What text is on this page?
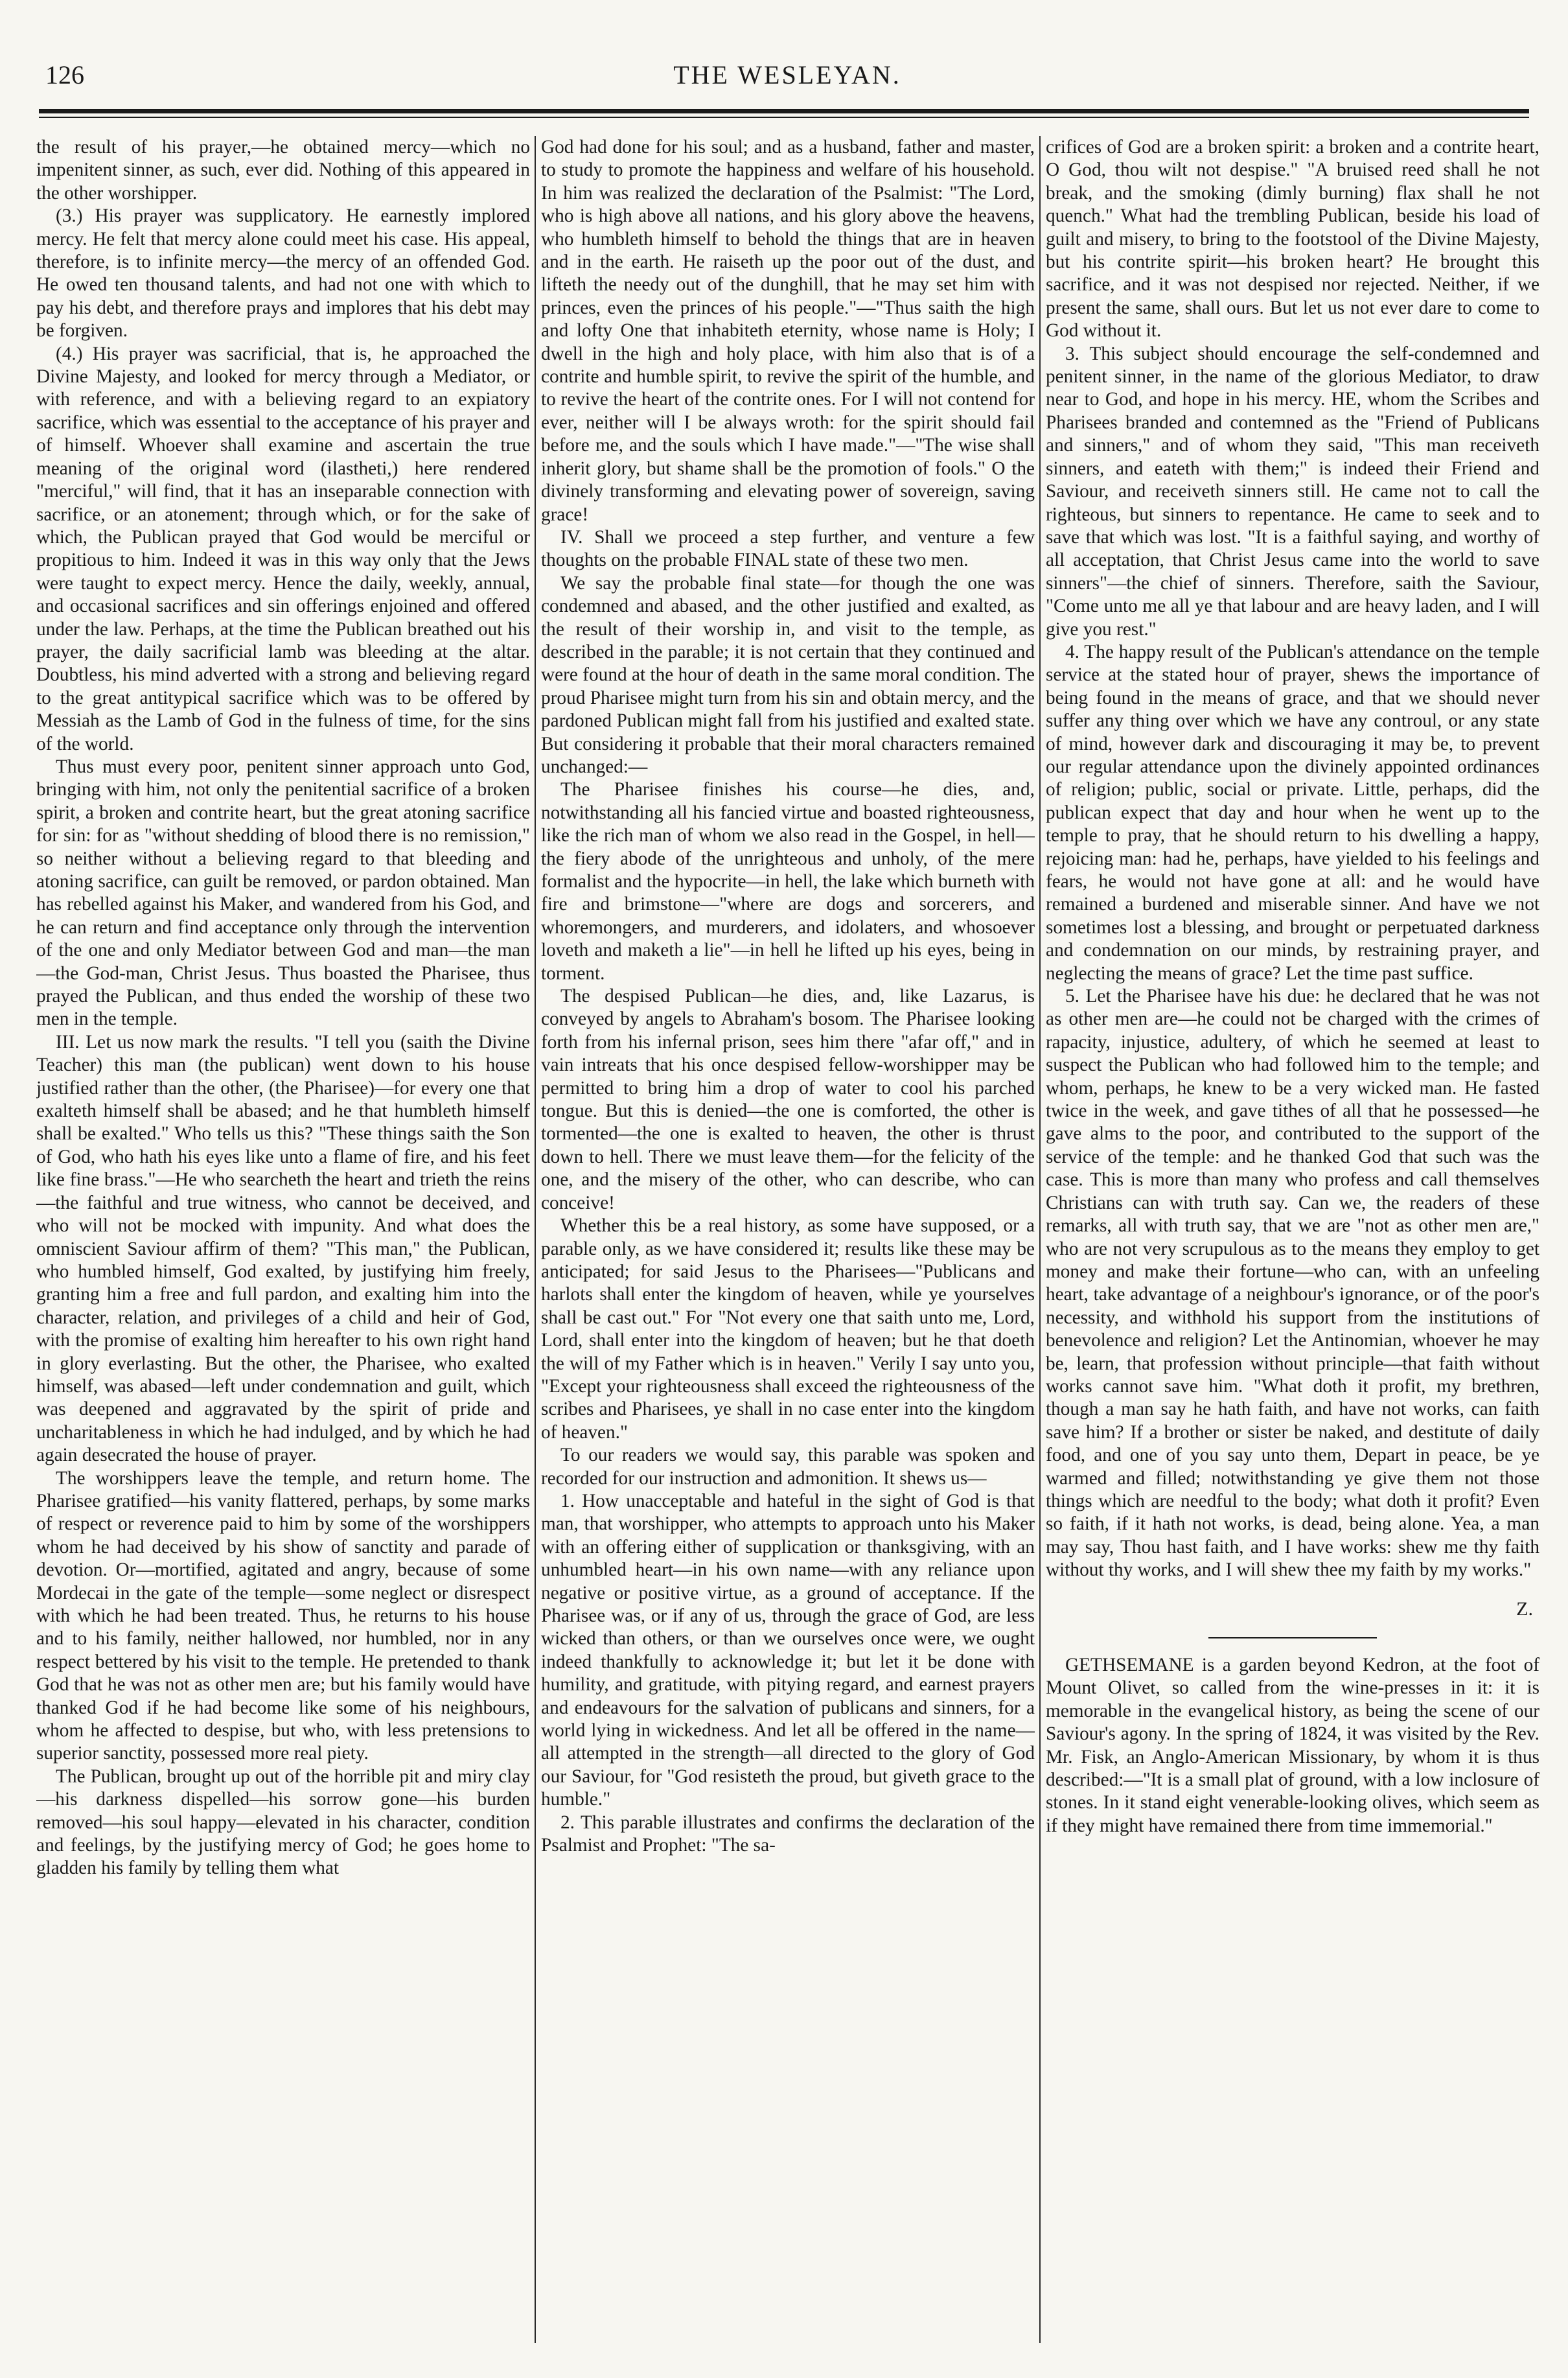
126	THE WESLEYAN.

the result of his prayer,—he obtained mercy—which no impenitent sinner, as such, ever did. Nothing of this appeared in the other worshipper.

(3.) His prayer was supplicatory. He earnestly implored mercy. He felt that mercy alone could meet his case. His appeal, therefore, is to infinite mercy—the mercy of an offended God. He owed ten thousand talents, and had not one with which to pay his debt, and therefore prays and implores that his debt may be forgiven.

(4.) His prayer was sacrificial, that is, he approached the Divine Majesty, and looked for mercy through a Mediator, or with reference, and with a believing regard to an expiatory sacrifice, which was essential to the acceptance of his prayer and of himself. Whoever shall examine and ascertain the true meaning of the original word (ilastheti,) here rendered "merciful," will find, that it has an inseparable connection with sacrifice, or an atonement; through which, or for the sake of which, the Publican prayed that God would be merciful or propitious to him. Indeed it was in this way only that the Jews were taught to expect mercy. Hence the daily, weekly, annual, and occasional sacrifices and sin offerings enjoined and offered under the law. Perhaps, at the time the Publican breathed out his prayer, the daily sacrificial lamb was bleeding at the altar. Doubtless, his mind adverted with a strong and believing regard to the great antitypical sacrifice which was to be offered by Messiah as the Lamb of God in the fulness of time, for the sins of the world.

Thus must every poor, penitent sinner approach unto God, bringing with him, not only the penitential sacrifice of a broken spirit, a broken and contrite heart, but the great atoning sacrifice for sin: for as "without shedding of blood there is no remission," so neither without a believing regard to that bleeding and atoning sacrifice, can guilt be removed, or pardon obtained. Man has rebelled against his Maker, and wandered from his God, and he can return and find acceptance only through the intervention of the one and only Mediator between God and man—the man—the God-man, Christ Jesus. Thus boasted the Pharisee, thus prayed the Publican, and thus ended the worship of these two men in the temple.

III. Let us now mark the results. "I tell you (saith the Divine Teacher) this man (the publican) went down to his house justified rather than the other, (the Pharisee)—for every one that exalteth himself shall be abased; and he that humbleth himself shall be exalted." Who tells us this? "These things saith the Son of God, who hath his eyes like unto a flame of fire, and his feet like fine brass."—He who searcheth the heart and trieth the reins—the faithful and true witness, who cannot be deceived, and who will not be mocked with impunity. And what does the omniscient Saviour affirm of them? "This man," the Publican, who humbled himself, God exalted, by justifying him freely, granting him a free and full pardon, and exalting him into the character, relation, and privileges of a child and heir of God, with the promise of exalting him hereafter to his own right hand in glory everlasting. But the other, the Pharisee, who exalted himself, was abased—left under condemnation and guilt, which was deepened and aggravated by the spirit of pride and uncharitableness in which he had indulged, and by which he had again desecrated the house of prayer.

The worshippers leave the temple, and return home. The Pharisee gratified—his vanity flattered, perhaps, by some marks of respect or reverence paid to him by some of the worshippers whom he had deceived by his show of sanctity and parade of devotion. Or—mortified, agitated and angry, because of some Mordecai in the gate of the temple—some neglect or disrespect with which he had been treated. Thus, he returns to his house and to his family, neither hallowed, nor humbled, nor in any respect bettered by his visit to the temple. He pretended to thank God that he was not as other men are; but his family would have thanked God if he had become like some of his neighbours, whom he affected to despise, but who, with less pretensions to superior sanctity, possessed more real piety.

The Publican, brought up out of the horrible pit and miry clay—his darkness dispelled—his sorrow gone—his burden removed—his soul happy—elevated in his character, condition and feelings, by the justifying mercy of God; he goes home to gladden his family by telling them what

God had done for his soul; and as a husband, father and master, to study to promote the happiness and welfare of his household. In him was realized the declaration of the Psalmist: "The Lord, who is high above all nations, and his glory above the heavens, who humbleth himself to behold the things that are in heaven and in the earth. He raiseth up the poor out of the dust, and lifteth the needy out of the dunghill, that he may set him with princes, even the princes of his people."—"Thus saith the high and lofty One that inhabiteth eternity, whose name is Holy; I dwell in the high and holy place, with him also that is of a contrite and humble spirit, to revive the spirit of the humble, and to revive the heart of the contrite ones. For I will not contend for ever, neither will I be always wroth: for the spirit should fail before me, and the souls which I have made."—"The wise shall inherit glory, but shame shall be the promotion of fools." O the divinely transforming and elevating power of sovereign, saving grace!

IV. Shall we proceed a step further, and venture a few thoughts on the probable FINAL state of these two men.

We say the probable final state—for though the one was condemned and abased, and the other justified and exalted, as the result of their worship in, and visit to the temple, as described in the parable; it is not certain that they continued and were found at the hour of death in the same moral condition. The proud Pharisee might turn from his sin and obtain mercy, and the pardoned Publican might fall from his justified and exalted state. But considering it probable that their moral characters remained unchanged:—

The Pharisee finishes his course—he dies, and, notwithstanding all his fancied virtue and boasted righteousness, like the rich man of whom we also read in the Gospel, in hell—the fiery abode of the unrighteous and unholy, of the mere formalist and the hypocrite—in hell, the lake which burneth with fire and brimstone—"where are dogs and sorcerers, and whoremongers, and murderers, and idolaters, and whosoever loveth and maketh a lie"—in hell he lifted up his eyes, being in torment.

The despised Publican—he dies, and, like Lazarus, is conveyed by angels to Abraham's bosom. The Pharisee looking forth from his infernal prison, sees him there "afar off," and in vain intreats that his once despised fellow-worshipper may be permitted to bring him a drop of water to cool his parched tongue. But this is denied—the one is comforted, the other is tormented—the one is exalted to heaven, the other is thrust down to hell. There we must leave them—for the felicity of the one, and the misery of the other, who can describe, who can conceive!

Whether this be a real history, as some have supposed, or a parable only, as we have considered it; results like these may be anticipated; for said Jesus to the Pharisees—"Publicans and harlots shall enter the kingdom of heaven, while ye yourselves shall be cast out." For "Not every one that saith unto me, Lord, Lord, shall enter into the kingdom of heaven; but he that doeth the will of my Father which is in heaven." Verily I say unto you, "Except your righteousness shall exceed the righteousness of the scribes and Pharisees, ye shall in no case enter into the kingdom of heaven."

To our readers we would say, this parable was spoken and recorded for our instruction and admonition. It shews us—

1. How unacceptable and hateful in the sight of God is that man, that worshipper, who attempts to approach unto his Maker with an offering either of supplication or thanksgiving, with an unhumbled heart—in his own name—with any reliance upon negative or positive virtue, as a ground of acceptance. If the Pharisee was, or if any of us, through the grace of God, are less wicked than others, or than we ourselves once were, we ought indeed thankfully to acknowledge it; but let it be done with humility, and gratitude, with pitying regard, and earnest prayers and endeavours for the salvation of publicans and sinners, for a world lying in wickedness. And let all be offered in the name—all attempted in the strength—all directed to the glory of God our Saviour, for "God resisteth the proud, but giveth grace to the humble."

2. This parable illustrates and confirms the declaration of the Psalmist and Prophet: "The sa-

crifices of God are a broken spirit: a broken and a contrite heart, O God, thou wilt not despise." "A bruised reed shall he not break, and the smoking (dimly burning) flax shall he not quench." What had the trembling Publican, beside his load of guilt and misery, to bring to the footstool of the Divine Majesty, but his contrite spirit—his broken heart? He brought this sacrifice, and it was not despised nor rejected. Neither, if we present the same, shall ours. But let us not ever dare to come to God without it.

3. This subject should encourage the self-condemned and penitent sinner, in the name of the glorious Mediator, to draw near to God, and hope in his mercy. HE, whom the Scribes and Pharisees branded and contemned as the "Friend of Publicans and sinners," and of whom they said, "This man receiveth sinners, and eateth with them;" is indeed their Friend and Saviour, and receiveth sinners still. He came not to call the righteous, but sinners to repentance. He came to seek and to save that which was lost. "It is a faithful saying, and worthy of all acceptation, that Christ Jesus came into the world to save sinners"—the chief of sinners. Therefore, saith the Saviour, "Come unto me all ye that labour and are heavy laden, and I will give you rest."

4. The happy result of the Publican's attendance on the temple service at the stated hour of prayer, shews the importance of being found in the means of grace, and that we should never suffer any thing over which we have any controul, or any state of mind, however dark and discouraging it may be, to prevent our regular attendance upon the divinely appointed ordinances of religion; public, social or private. Little, perhaps, did the publican expect that day and hour when he went up to the temple to pray, that he should return to his dwelling a happy, rejoicing man: had he, perhaps, have yielded to his feelings and fears, he would not have gone at all: and he would have remained a burdened and miserable sinner. And have we not sometimes lost a blessing, and brought or perpetuated darkness and condemnation on our minds, by restraining prayer, and neglecting the means of grace? Let the time past suffice.

5. Let the Pharisee have his due: he declared that he was not as other men are—he could not be charged with the crimes of rapacity, injustice, adultery, of which he seemed at least to suspect the Publican who had followed him to the temple; and whom, perhaps, he knew to be a very wicked man. He fasted twice in the week, and gave tithes of all that he possessed—he gave alms to the poor, and contributed to the support of the service of the temple: and he thanked God that such was the case. This is more than many who profess and call themselves Christians can with truth say. Can we, the readers of these remarks, all with truth say, that we are "not as other men are," who are not very scrupulous as to the means they employ to get money and make their fortune—who can, with an unfeeling heart, take advantage of a neighbour's ignorance, or of the poor's necessity, and withhold his support from the institutions of benevolence and religion? Let the Antinomian, whoever he may be, learn, that profession without principle—that faith without works cannot save him. "What doth it profit, my brethren, though a man say he hath faith, and have not works, can faith save him? If a brother or sister be naked, and destitute of daily food, and one of you say unto them, Depart in peace, be ye warmed and filled; notwithstanding ye give them not those things which are needful to the body; what doth it profit? Even so faith, if it hath not works, is dead, being alone. Yea, a man may say, Thou hast faith, and I have works: shew me thy faith without thy works, and I will shew thee my faith by my works."

Z.

GETHSEMANE is a garden beyond Kedron, at the foot of Mount Olivet, so called from the wine-presses in it: it is memorable in the evangelical history, as being the scene of our Saviour's agony. In the spring of 1824, it was visited by the Rev. Mr. Fisk, an Anglo-American Missionary, by whom it is thus described:—"It is a small plat of ground, with a low inclosure of stones. In it stand eight venerable-looking olives, which seem as if they might have remained there from time immemorial."
